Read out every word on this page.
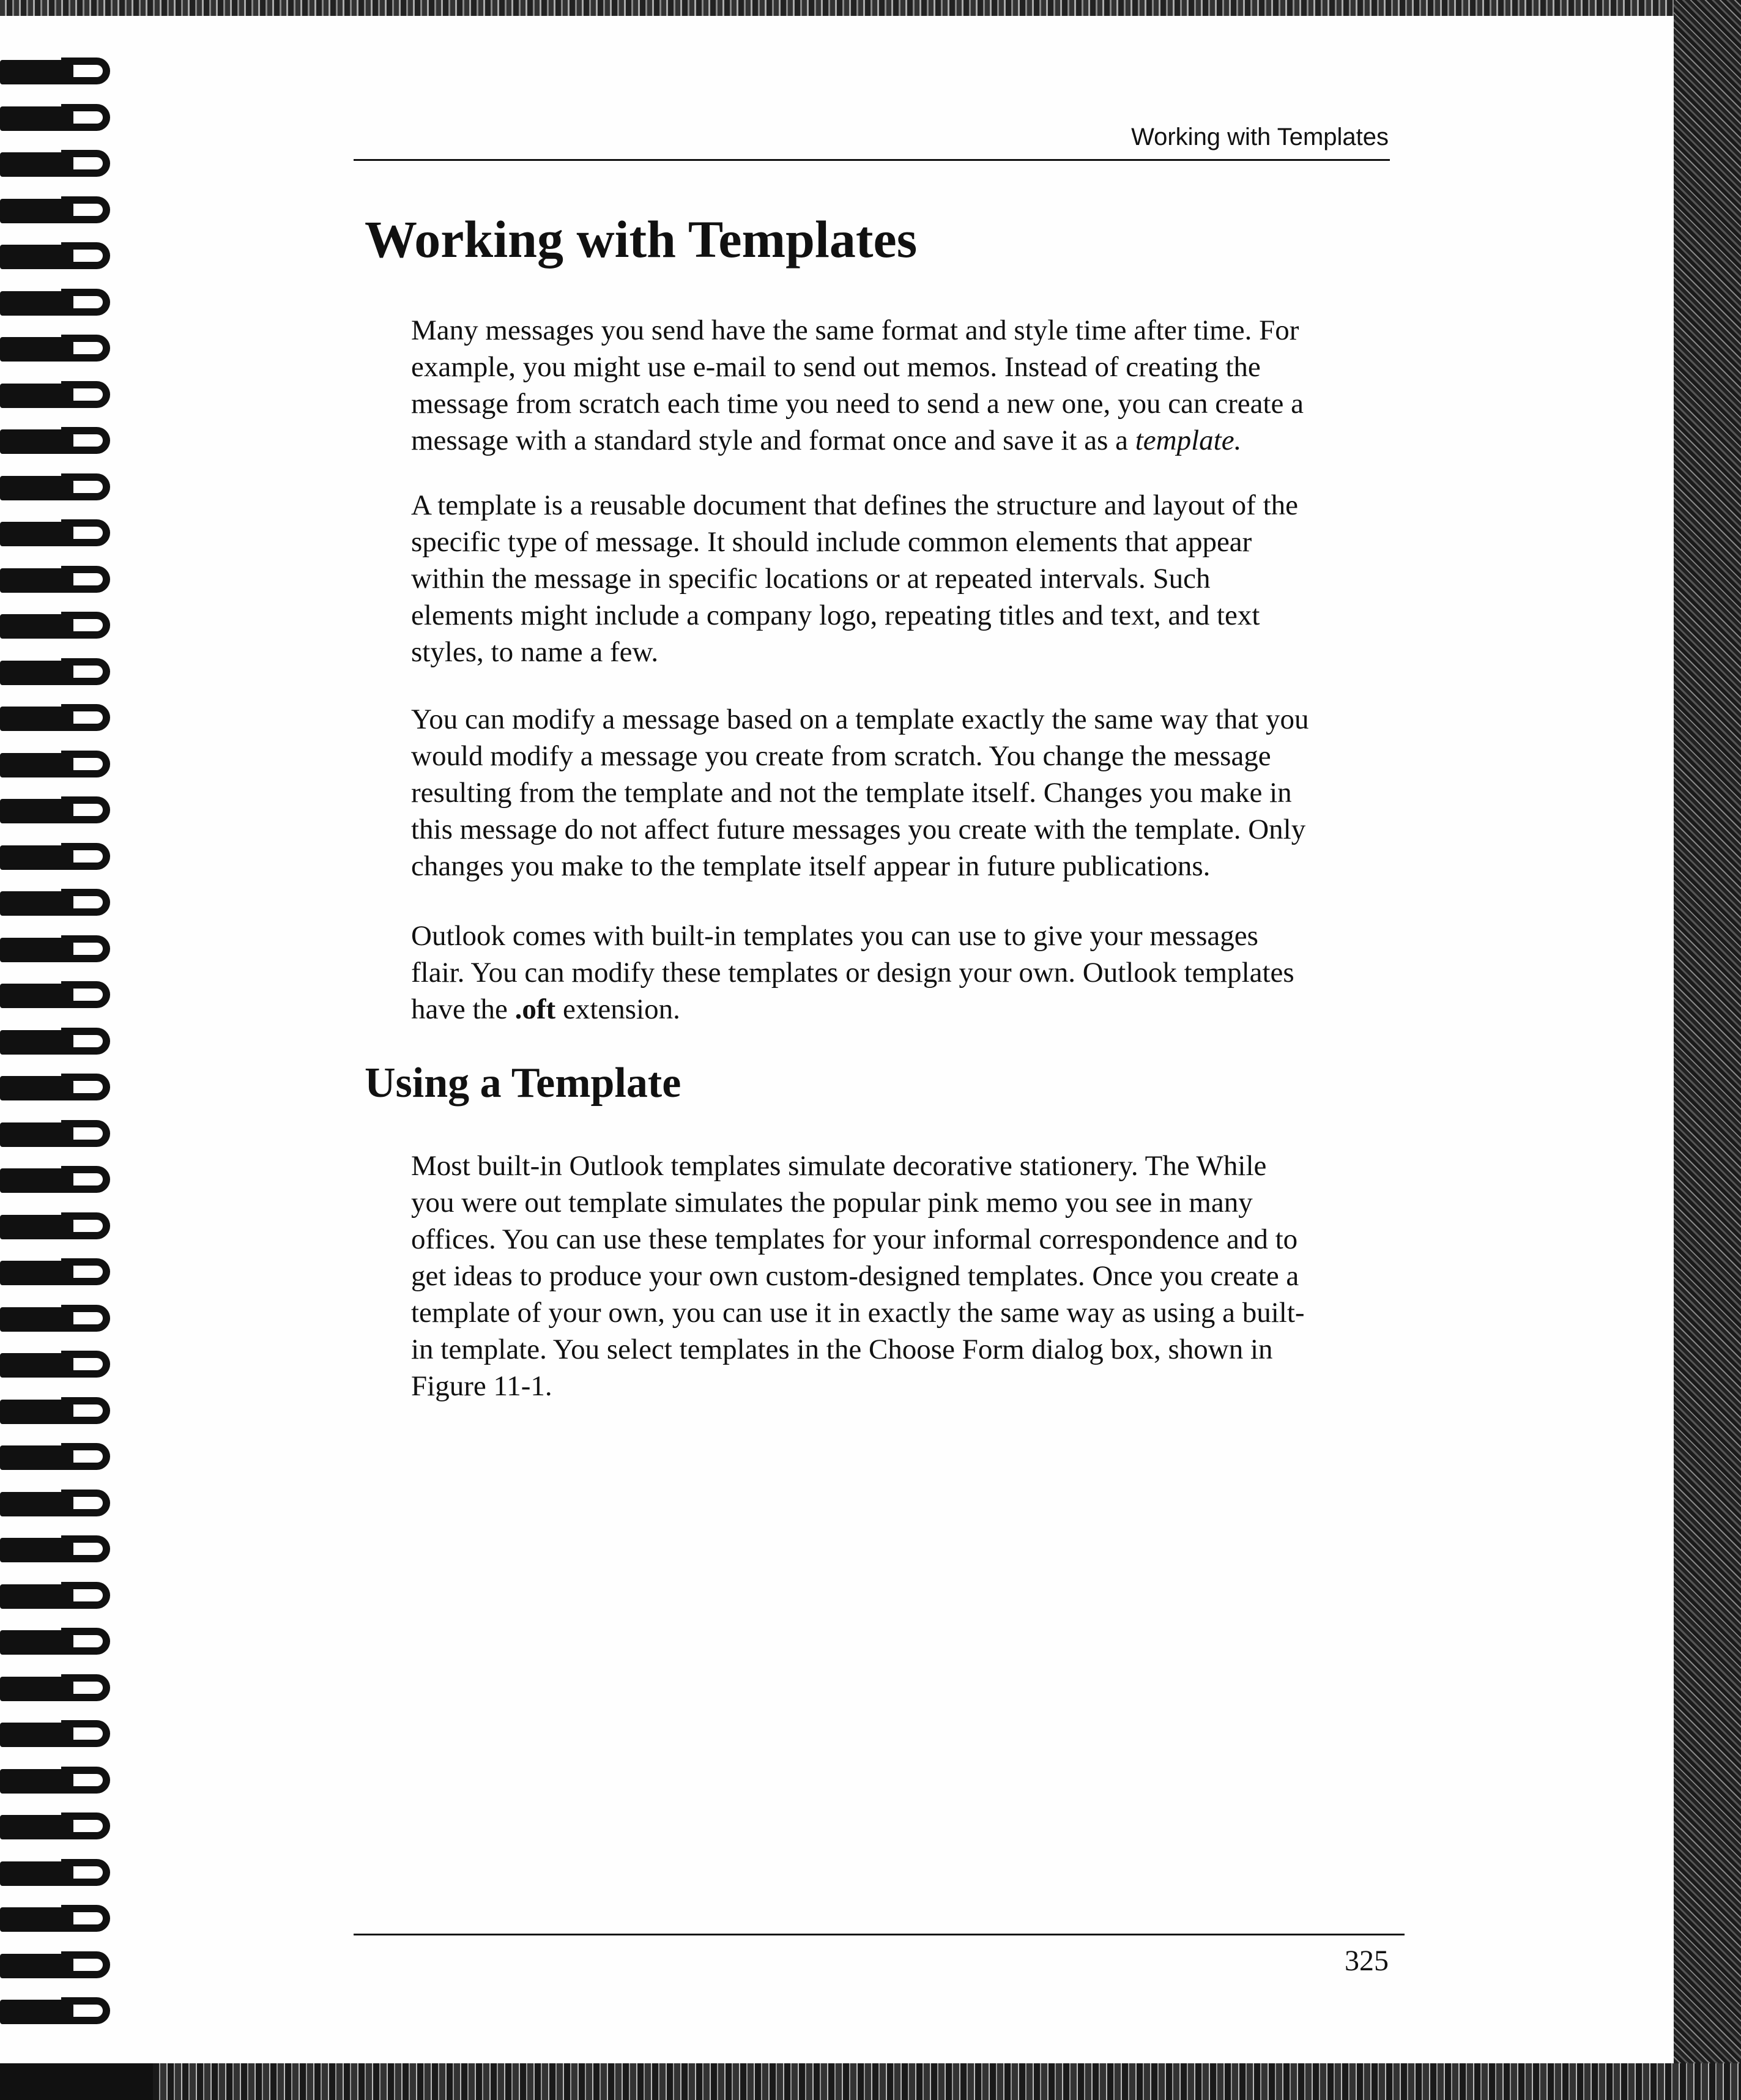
Working with Templates
Working with Templates

Many messages you send have the same format and style time after time. For
example, you might use e-mail to send out memos. Instead of creating the
message from scratch each time you need to send a new one, you can create a
message with a standard style and format once and save it as a template.

A template is a reusable document that defines the structure and layout of the
specific type of message. It should include common elements that appear
within the message in specific locations or at repeated intervals. Such
elements might include a company logo, repeating titles and text, and text
styles, to name a few.

You can modify a message based on a template exactly the same way that you
would modify a message you create from scratch. You change the message
resulting from the template and not the template itself. Changes you make in
this message do not affect future messages you create with the template. Only
changes you make to the template itself appear in future publications.

Outlook comes with built-in templates you can use to give your messages
flair. You can modify these templates or design your own. Outlook templates
have the .oft extension.

Using a Template

Most built-in Outlook templates simulate decorative stationery. The While
you were out template simulates the popular pink memo you see in many
offices. You can use these templates for your informal correspondence and to
get ideas to produce your own custom-designed templates. Once you create a
template of your own, you can use it in exactly the same way as using a built-
in template. You select templates in the Choose Form dialog box, shown in
Figure 11-1.

325
